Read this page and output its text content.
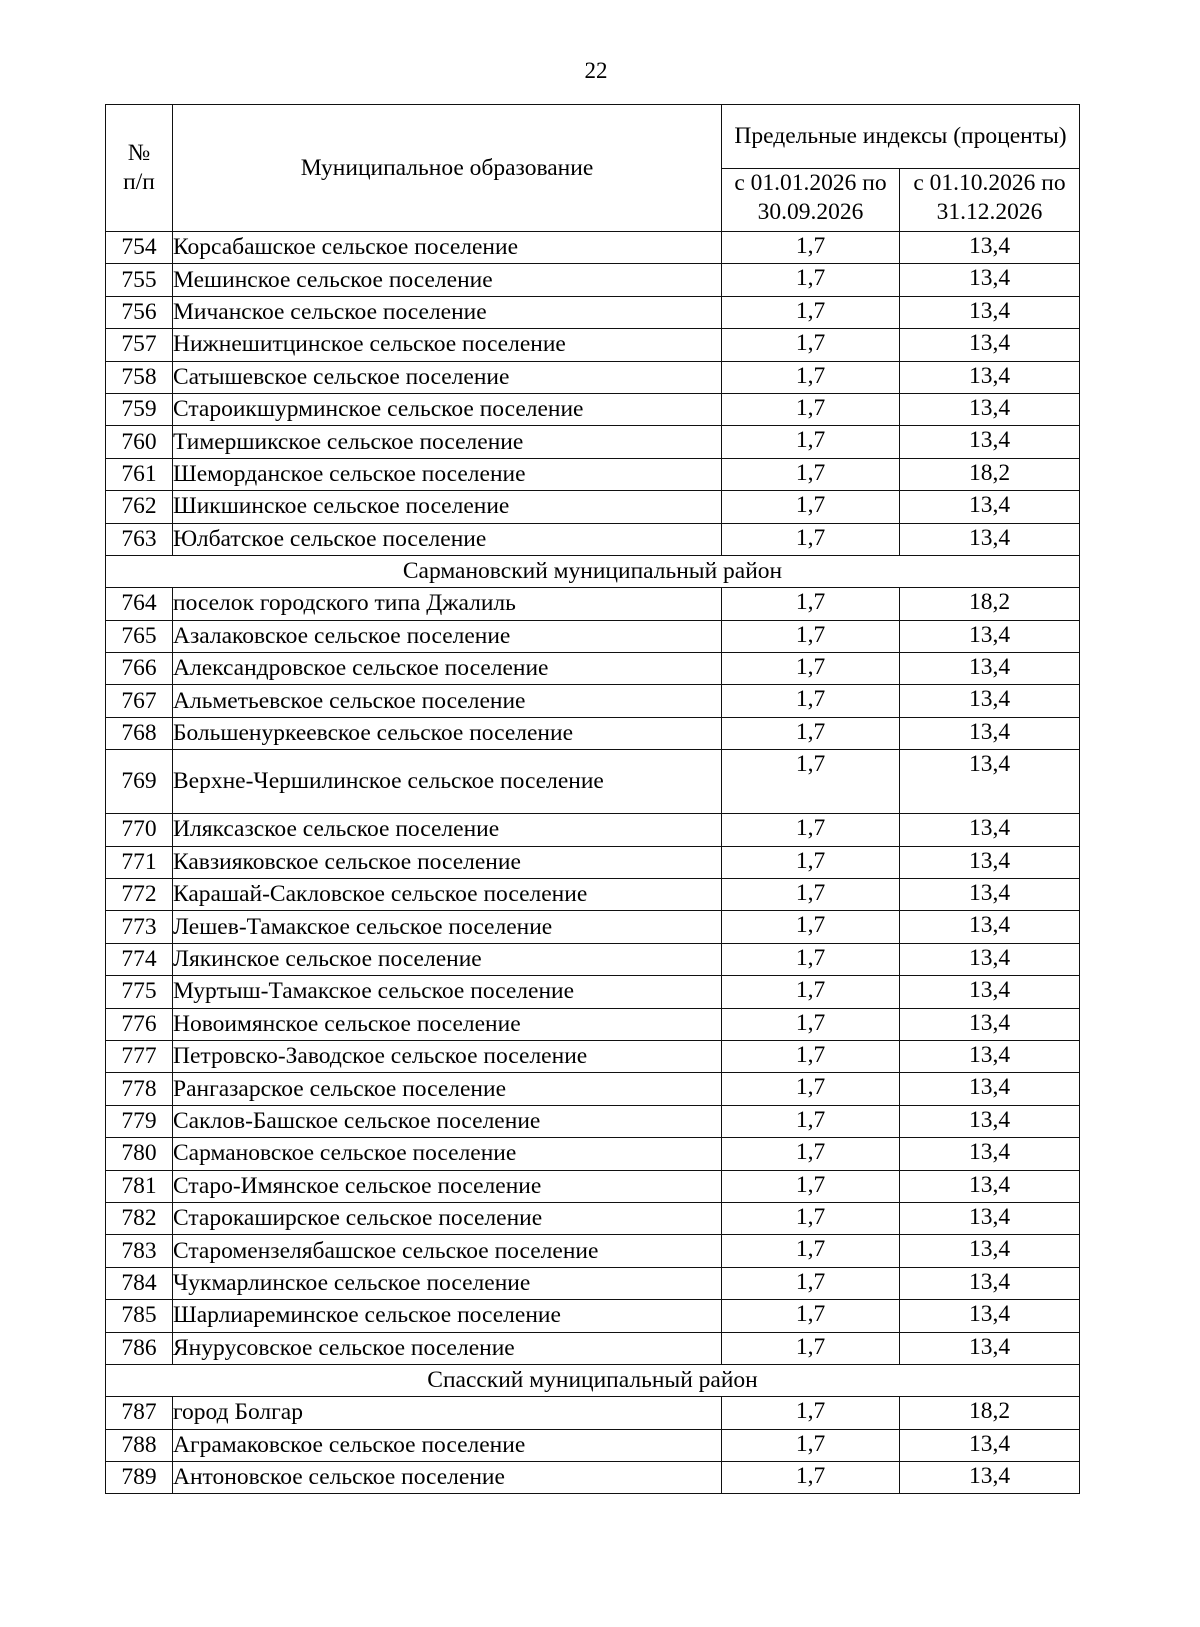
22
№
п/п	Муниципальное образование	Предельные индексы (проценты)	
		с 01.01.2026 по 30.09.2026	с 01.10.2026 по 31.12.2026
754	Корсабашское сельское поселение	1,7	13,4
755	Мешинское сельское поселение	1,7	13,4
756	Мичанское сельское поселение	1,7	13,4
757	Нижнешитцинское сельское поселение	1,7	13,4
758	Сатышевское сельское поселение	1,7	13,4
759	Староикшурминское сельское поселение	1,7	13,4
760	Тимершикское сельское поселение	1,7	13,4
761	Шеморданское сельское поселение	1,7	18,2
762	Шикшинское сельское поселение	1,7	13,4
763	Юлбатское сельское поселение	1,7	13,4
Сармановский муниципальный район			
764	поселок городского типа Джалиль	1,7	18,2
765	Азалаковское сельское поселение	1,7	13,4
766	Александровское сельское поселение	1,7	13,4
767	Альметьевское сельское поселение	1,7	13,4
768	Большенуркеевское сельское поселение	1,7	13,4
769	Верхне-Чершилинское сельское поселение	1,7	13,4
770	Иляксазское сельское поселение	1,7	13,4
771	Кавзияковское сельское поселение	1,7	13,4
772	Карашай-Сакловское сельское поселение	1,7	13,4
773	Лешев-Тамакское сельское поселение	1,7	13,4
774	Лякинское сельское поселение	1,7	13,4
775	Муртыш-Тамакское сельское поселение	1,7	13,4
776	Новоимянское сельское поселение	1,7	13,4
777	Петровско-Заводское сельское поселение	1,7	13,4
778	Рангазарское сельское поселение	1,7	13,4
779	Саклов-Башское сельское поселение	1,7	13,4
780	Сармановское сельское поселение	1,7	13,4
781	Старо-Имянское сельское поселение	1,7	13,4
782	Старокаширское сельское поселение	1,7	13,4
783	Старомензелябашское сельское поселение	1,7	13,4
784	Чукмарлинское сельское поселение	1,7	13,4
785	Шарлиареминское сельское поселение	1,7	13,4
786	Янурусовское сельское поселение	1,7	13,4
Спасский муниципальный район			
787	город Болгар	1,7	18,2
788	Аграмаковское сельское поселение	1,7	13,4
789	Антоновское сельское поселение	1,7	13,4
